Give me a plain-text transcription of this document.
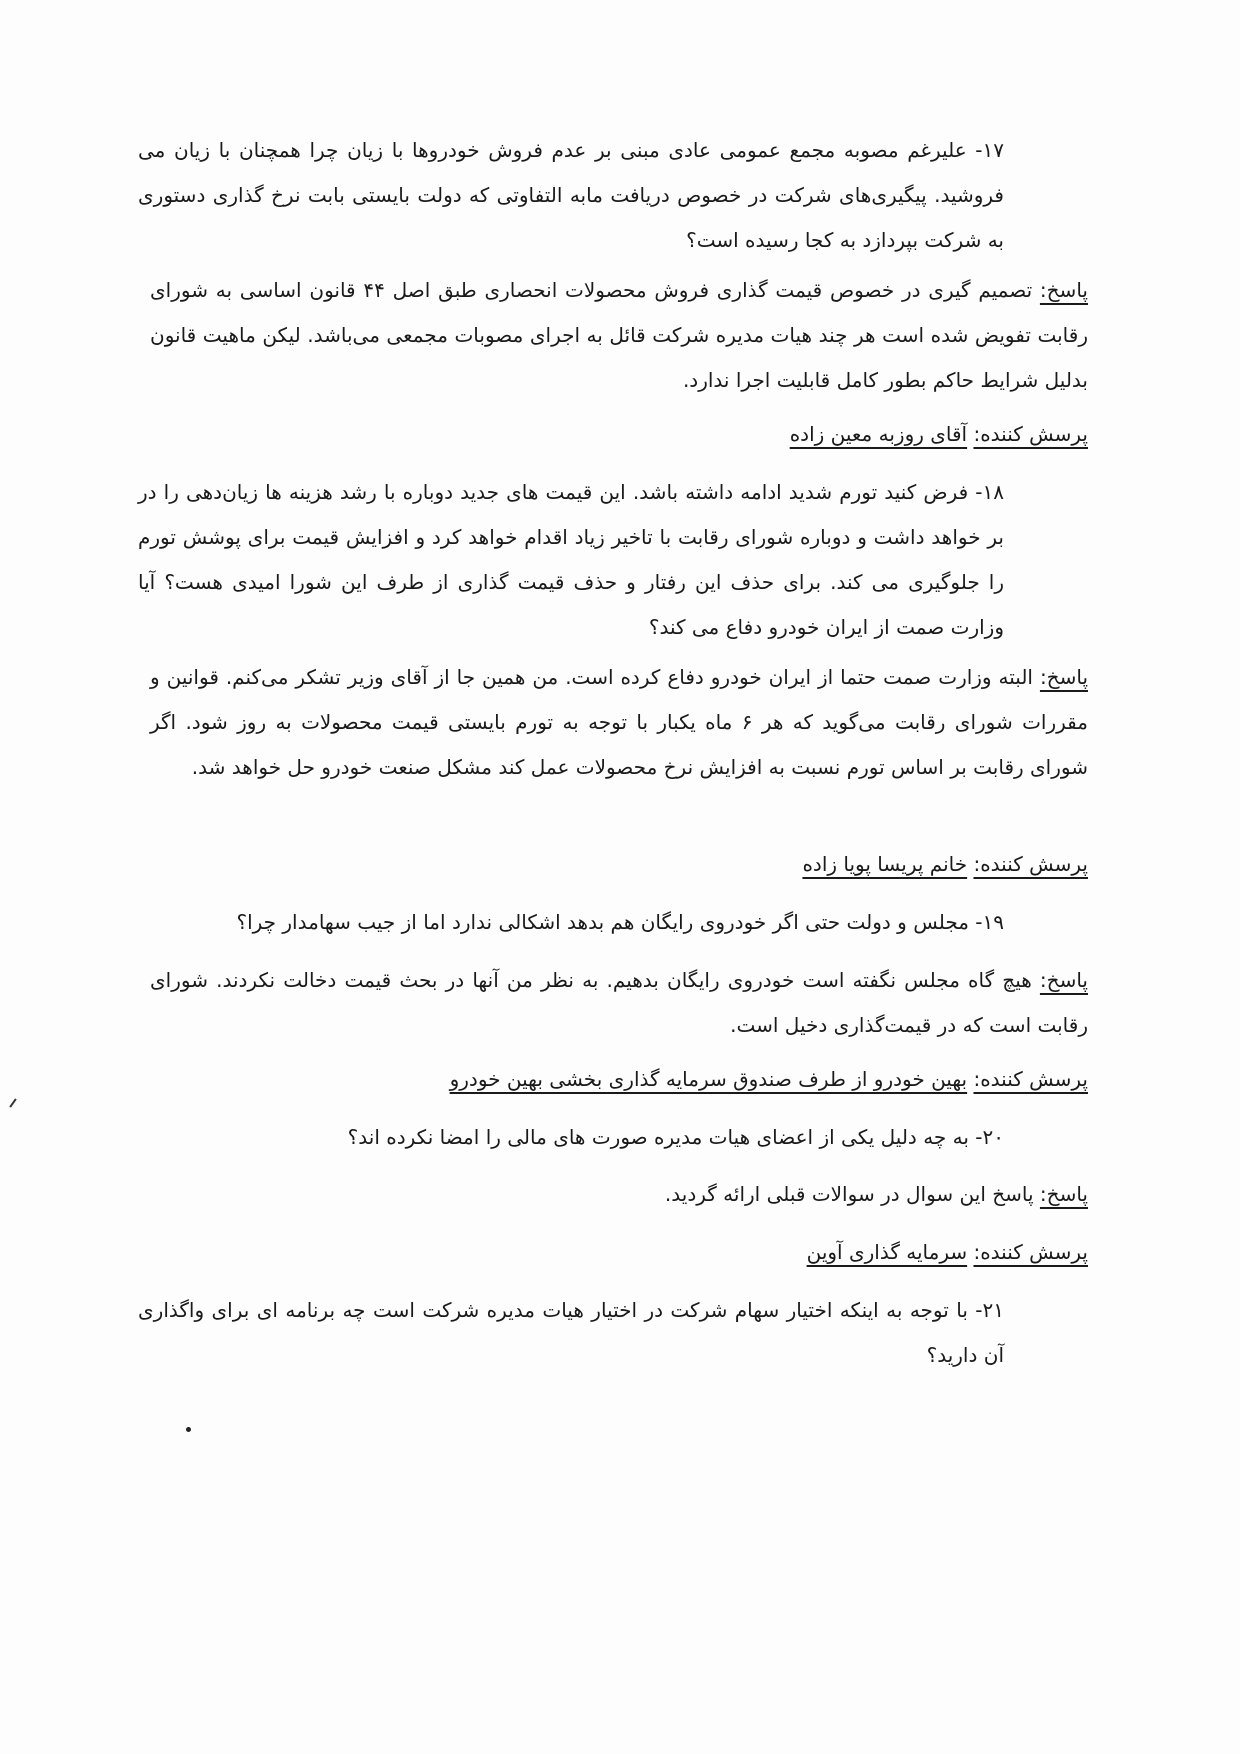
۱۷- علیرغم مصوبه مجمع عمومی عادی مبنی بر عدم فروش خودروها با زیان چرا همچنان با زیان می فروشید. پیگیری‌های شرکت در خصوص دریافت مابه التفاوتی که دولت بایستی بابت نرخ گذاری دستوری به شرکت بپردازد به کجا رسیده است؟
پاسخ: تصمیم گیری در خصوص قیمت گذاری فروش محصولات انحصاری طبق اصل ۴۴ قانون اساسی به شورای رقابت تفویض شده است هر چند هیات مدیره شرکت قائل به اجرای مصوبات مجمعی می‌باشد. لیکن ماهیت قانون بدلیل شرایط حاکم بطور کامل قابلیت اجرا ندارد.
پرسش کننده: آقای روزبه معین زاده
۱۸- فرض کنید تورم شدید ادامه داشته باشد. این قیمت های جدید دوباره با رشد هزینه ها زیان‌دهی را در بر خواهد داشت و دوباره شورای رقابت با تاخیر زیاد اقدام خواهد کرد و افزایش قیمت برای پوشش تورم را جلوگیری می کند. برای حذف این رفتار و حذف قیمت گذاری از طرف این شورا امیدی هست؟ آیا وزارت صمت از ایران خودرو دفاع می کند؟
پاسخ: البته وزارت صمت حتما از ایران خودرو دفاع کرده است. من همین جا از آقای وزیر تشکر می‌کنم. قوانین و مقررات شورای رقابت می‌گوید که هر ۶ ماه یکبار با توجه به تورم بایستی قیمت محصولات به روز شود. اگر شورای رقابت بر اساس تورم نسبت به افزایش نرخ محصولات عمل کند مشکل صنعت خودرو حل خواهد شد.
پرسش کننده: خانم پریسا پویا زاده
۱۹- مجلس و دولت حتی اگر خودروی رایگان هم بدهد اشکالی ندارد اما از جیب سهامدار چرا؟
پاسخ: هیچ گاه مجلس نگفته است خودروی رایگان بدهیم. به نظر من آنها در بحث قیمت دخالت نکردند. شورای رقابت است که در قیمت‌گذاری دخیل است.
پرسش کننده: بهین خودرو از طرف صندوق سرمایه گذاری بخشی بهین خودرو
۲۰- به چه دلیل یکی از اعضای هیات مدیره صورت های مالی را امضا نکرده اند؟
پاسخ: پاسخ این سوال در سوالات قبلی ارائه گردید.
پرسش کننده: سرمایه گذاری آوین
۲۱- با توجه به اینکه اختیار سهام شرکت در اختیار هیات مدیره شرکت است چه برنامه ای برای واگذاری آن دارید؟
